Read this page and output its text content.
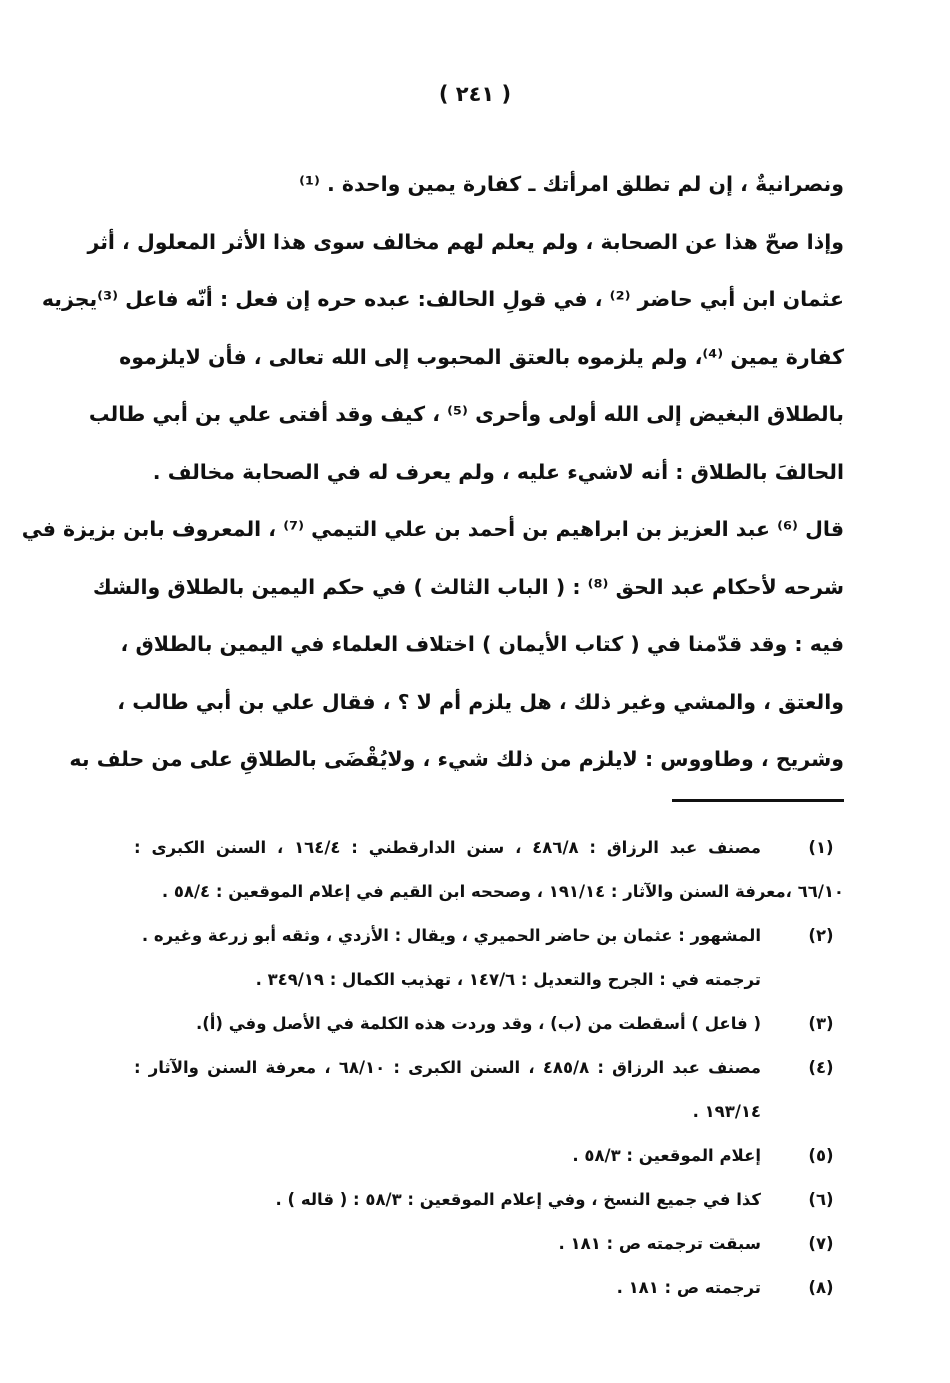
( ٢٤١ )
ونصرانيةٌ ، إن لم تطلق امرأتك ـ كفارة يمين واحدة . ⁽¹⁾
وإذا صحّ هذا عن الصحابة ، ولم يعلم لهم مخالف سوى هذا الأثر المعلول ، أثر
عثمان ابن أبي حاضر ⁽²⁾ ، في قولِ الحالف: عبده حره إن فعل : أنّه فاعل ⁽³⁾يجزيه
كفارة يمين ⁽⁴⁾، ولم يلزموه بالعتق المحبوب إلى الله تعالى ، فأن لايلزموه
بالطلاق البغيض إلى الله أولى وأحرى ⁽⁵⁾ ، كيف وقد أفتى علي بن أبي طالب
الحالفَ بالطلاق : أنه لاشيء عليه ، ولم يعرف له في الصحابة مخالف .
قال ⁽⁶⁾ عبد العزيز بن ابراهيم بن أحمد بن علي التيمي ⁽⁷⁾ ، المعروف بابن بزيزة في
شرحه لأحكام عبد الحق ⁽⁸⁾ : ( الباب الثالث ) في حكم اليمين بالطلاق والشك
فيه : وقد قدّمنا في ( كتاب الأيمان ) اختلاف العلماء في اليمين بالطلاق ،
والعتق ، والمشي وغير ذلك ، هل يلزم أم لا ؟ ، فقال علي بن أبي طالب ،
وشريح ، وطاووس : لايلزم من ذلك شيء ، ولايُقْضَى بالطلاقِ على من حلف به
(١)
مصنف عبد الرزاق : ٤٨٦/٨ ، سنن الدارقطني : ١٦٤/٤ ، السنن الكبرى :
٦٦/١٠ ،معرفة السنن والآثار : ١٩١/١٤ ، وصححه ابن القيم في إعلام الموقعين : ٥٨/٤ .
(٢)
المشهور : عثمان بن حاضر الحميري ، ويقال : الأزدي ، وثقه أبو زرعة وغيره .
ترجمته في : الجرح والتعديل : ١٤٧/٦ ، تهذيب الكمال : ٣٤٩/١٩ .
(٣)
( فاعل ) أسقطت من (ب) ، وقد وردت هذه الكلمة في الأصل وفي (أ).
(٤)
مصنف عبد الرزاق : ٤٨٥/٨ ، السنن الكبرى : ٦٨/١٠ ، معرفة السنن والآثار :
١٩٣/١٤ .
(٥)
إعلام الموقعين : ٥٨/٣ .
(٦)
كذا في جميع النسخ ، وفي إعلام الموقعين : ٥٨/٣ : ( قاله ) .
(٧)
سبقت ترجمته ص : ١٨١ .
(٨)
ترجمته ص : ١٨١ .
